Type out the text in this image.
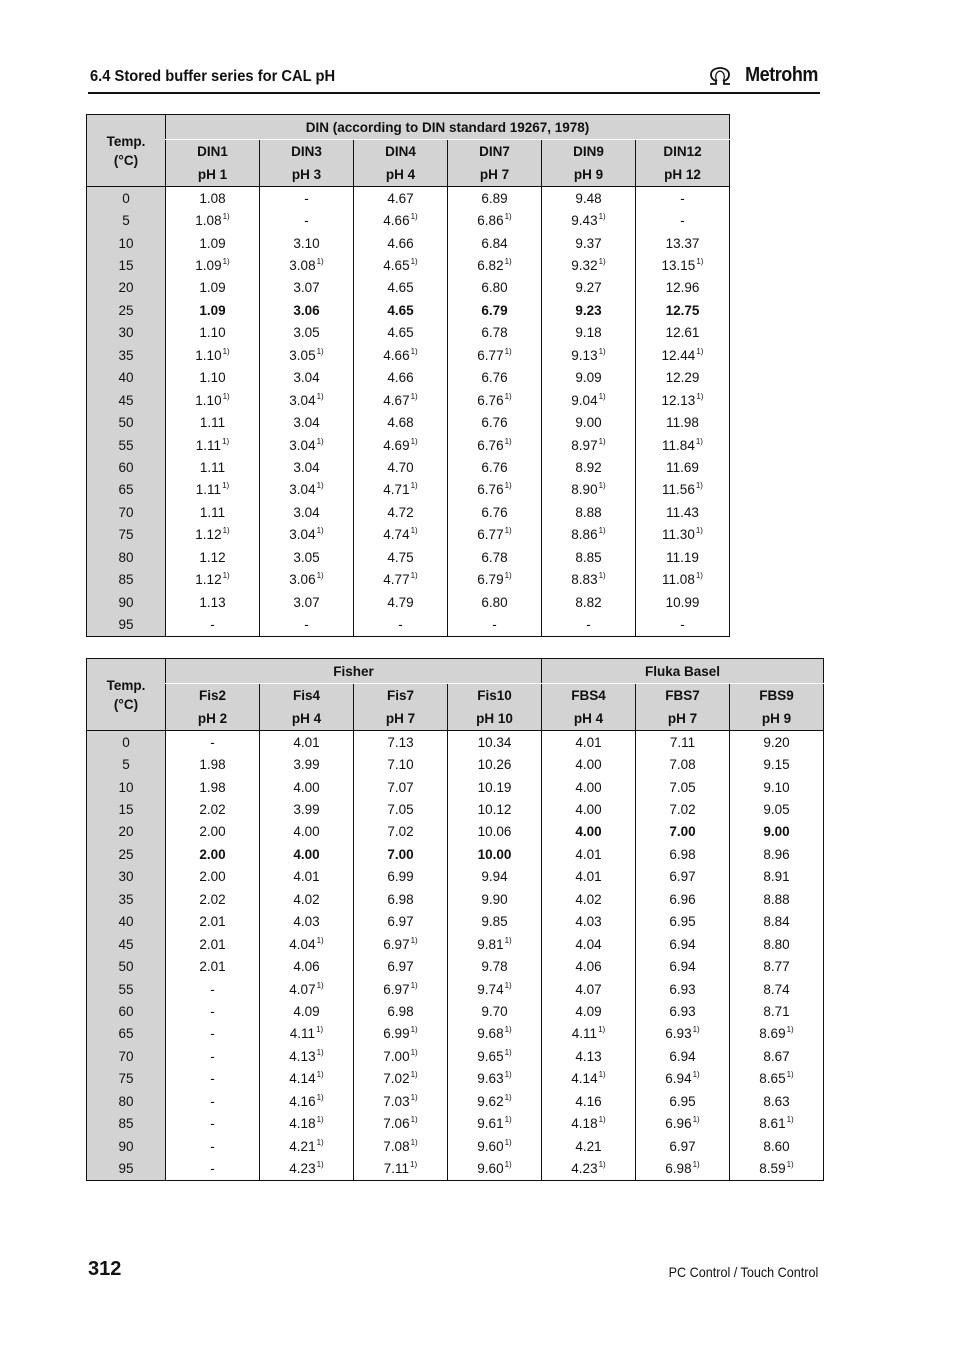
6.4 Stored buffer series for CAL pH	Metrohm
Temp.
(°C)	DIN (according to DIN standard 19267, 1978)					
	DIN1	DIN3	DIN4	DIN7	DIN9	DIN12
	pH 1	pH 3	pH 4	pH 7	pH 9	pH 12
0	1.08	-	4.67	6.89	9.48	-
5	1.08$^{1)}$	-	4.66$^{1)}$	6.86$^{1)}$	9.43$^{1)}$	-
10	1.09	3.10	4.66	6.84	9.37	13.37
15	1.09$^{1)}$	3.08$^{1)}$	4.65$^{1)}$	6.82$^{1)}$	9.32$^{1)}$	13.15$^{1)}$
20	1.09	3.07	4.65	6.80	9.27	12.96
25	1.09	3.06	4.65	6.79	9.23	12.75
30	1.10	3.05	4.65	6.78	9.18	12.61
35	1.10$^{1)}$	3.05$^{1)}$	4.66$^{1)}$	6.77$^{1)}$	9.13$^{1)}$	12.44$^{1)}$
40	1.10	3.04	4.66	6.76	9.09	12.29
45	1.10$^{1)}$	3.04$^{1)}$	4.67$^{1)}$	6.76$^{1)}$	9.04$^{1)}$	12.13$^{1)}$
50	1.11	3.04	4.68	6.76	9.00	11.98
55	1.11$^{1)}$	3.04$^{1)}$	4.69$^{1)}$	6.76$^{1)}$	8.97$^{1)}$	11.84$^{1)}$
60	1.11	3.04	4.70	6.76	8.92	11.69
65	1.11$^{1)}$	3.04$^{1)}$	4.71$^{1)}$	6.76$^{1)}$	8.90$^{1)}$	11.56$^{1)}$
70	1.11	3.04	4.72	6.76	8.88	11.43
75	1.12$^{1)}$	3.04$^{1)}$	4.74$^{1)}$	6.77$^{1)}$	8.86$^{1)}$	11.30$^{1)}$
80	1.12	3.05	4.75	6.78	8.85	11.19
85	1.12$^{1)}$	3.06$^{1)}$	4.77$^{1)}$	6.79$^{1)}$	8.83$^{1)}$	11.08$^{1)}$
90	1.13	3.07	4.79	6.80	8.82	10.99
95	-	-	-	-	-	-
Temp.
(°C)	Fisher				Fluka Basel		
	Fis2	Fis4	Fis7	Fis10	FBS4	FBS7	FBS9
	pH 2	pH 4	pH 7	pH 10	pH 4	pH 7	pH 9
0	-	4.01	7.13	10.34	4.01	7.11	9.20
5	1.98	3.99	7.10	10.26	4.00	7.08	9.15
10	1.98	4.00	7.07	10.19	4.00	7.05	9.10
15	2.02	3.99	7.05	10.12	4.00	7.02	9.05
20	2.00	4.00	7.02	10.06	4.00	7.00	9.00
25	2.00	4.00	7.00	10.00	4.01	6.98	8.96
30	2.00	4.01	6.99	9.94	4.01	6.97	8.91
35	2.02	4.02	6.98	9.90	4.02	6.96	8.88
40	2.01	4.03	6.97	9.85	4.03	6.95	8.84
45	2.01	4.04$^{1)}$	6.97$^{1)}$	9.81$^{1)}$	4.04	6.94	8.80
50	2.01	4.06	6.97	9.78	4.06	6.94	8.77
55	-	4.07$^{1)}$	6.97$^{1)}$	9.74$^{1)}$	4.07	6.93	8.74
60	-	4.09	6.98	9.70	4.09	6.93	8.71
65	-	4.11$^{1)}$	6.99$^{1)}$	9.68$^{1)}$	4.11$^{1)}$	6.93$^{1)}$	8.69$^{1)}$
70	-	4.13$^{1)}$	7.00$^{1)}$	9.65$^{1)}$	4.13	6.94	8.67
75	-	4.14$^{1)}$	7.02$^{1)}$	9.63$^{1)}$	4.14$^{1)}$	6.94$^{1)}$	8.65$^{1)}$
80	-	4.16$^{1)}$	7.03$^{1)}$	9.62$^{1)}$	4.16	6.95	8.63
85	-	4.18$^{1)}$	7.06$^{1)}$	9.61$^{1)}$	4.18$^{1)}$	6.96$^{1)}$	8.61$^{1)}$
90	-	4.21$^{1)}$	7.08$^{1)}$	9.60$^{1)}$	4.21	6.97	8.60
95	-	4.23$^{1)}$	7.11$^{1)}$	9.60$^{1)}$	4.23$^{1)}$	6.98$^{1)}$	8.59$^{1)}$
312	PC Control / Touch Control
